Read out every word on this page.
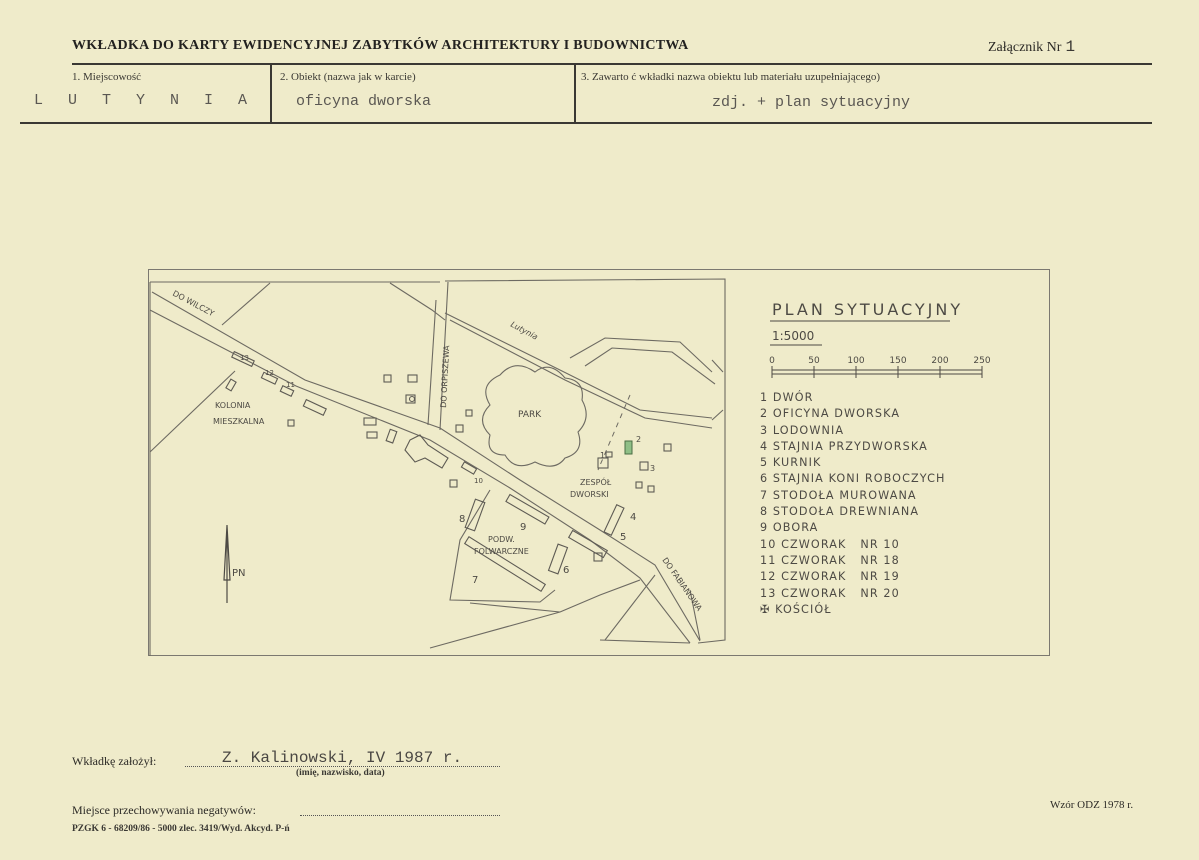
WKŁADKA DO KARTY EWIDENCYJNEJ ZABYTKÓW ARCHITEKTURY I BUDOWNICTWA	Załącznik Nr 1
1. Miejscowość
L U T Y N I A
2. Obiekt (nazwa jak w karcie)
oficyna dworska
3. Zawarto ć wkładki nazwa obiektu lub materiału uzupełniającego)
zdj. + plan sytuacyjny
DO WILCZY
DO ORPISZEWA
DO FABIANOWA
Lutynia
PARK
KOLONIA
MIESZKALNA
ZESPÓŁ
DWORSKI
PODW.
FOLWARCZNE
PN
1
2
3
4
5
6
7
8
9
10
11
12
13	0	50	100	150	200	250
PLAN SYTUACYJNY
1:5000
1 DWÓR
2 OFICYNA DWORSKA
3 LODOWNIA
4 STAJNIA PRZYDWORSKA
5 KURNIK
6 STAJNIA KONI ROBOCZYCH
7 STODOŁA MUROWANA
8 STODOŁA DREWNIANA
9 OBORA
10 CZWORAK   NR 10
11 CZWORAK   NR 18
12 CZWORAK   NR 19
13 CZWORAK   NR 20
✠ KOŚCIÓŁ
Wkładkę założył:	Z. Kalinowski, IV 1987 r.
(imię, nazwisko, data)
Miejsce przechowywania negatywów:
PZGK 6 - 68209/86 - 5000 zlec. 3419/Wyd. Akcyd. P-ń
Wzór ODZ 1978 r.
